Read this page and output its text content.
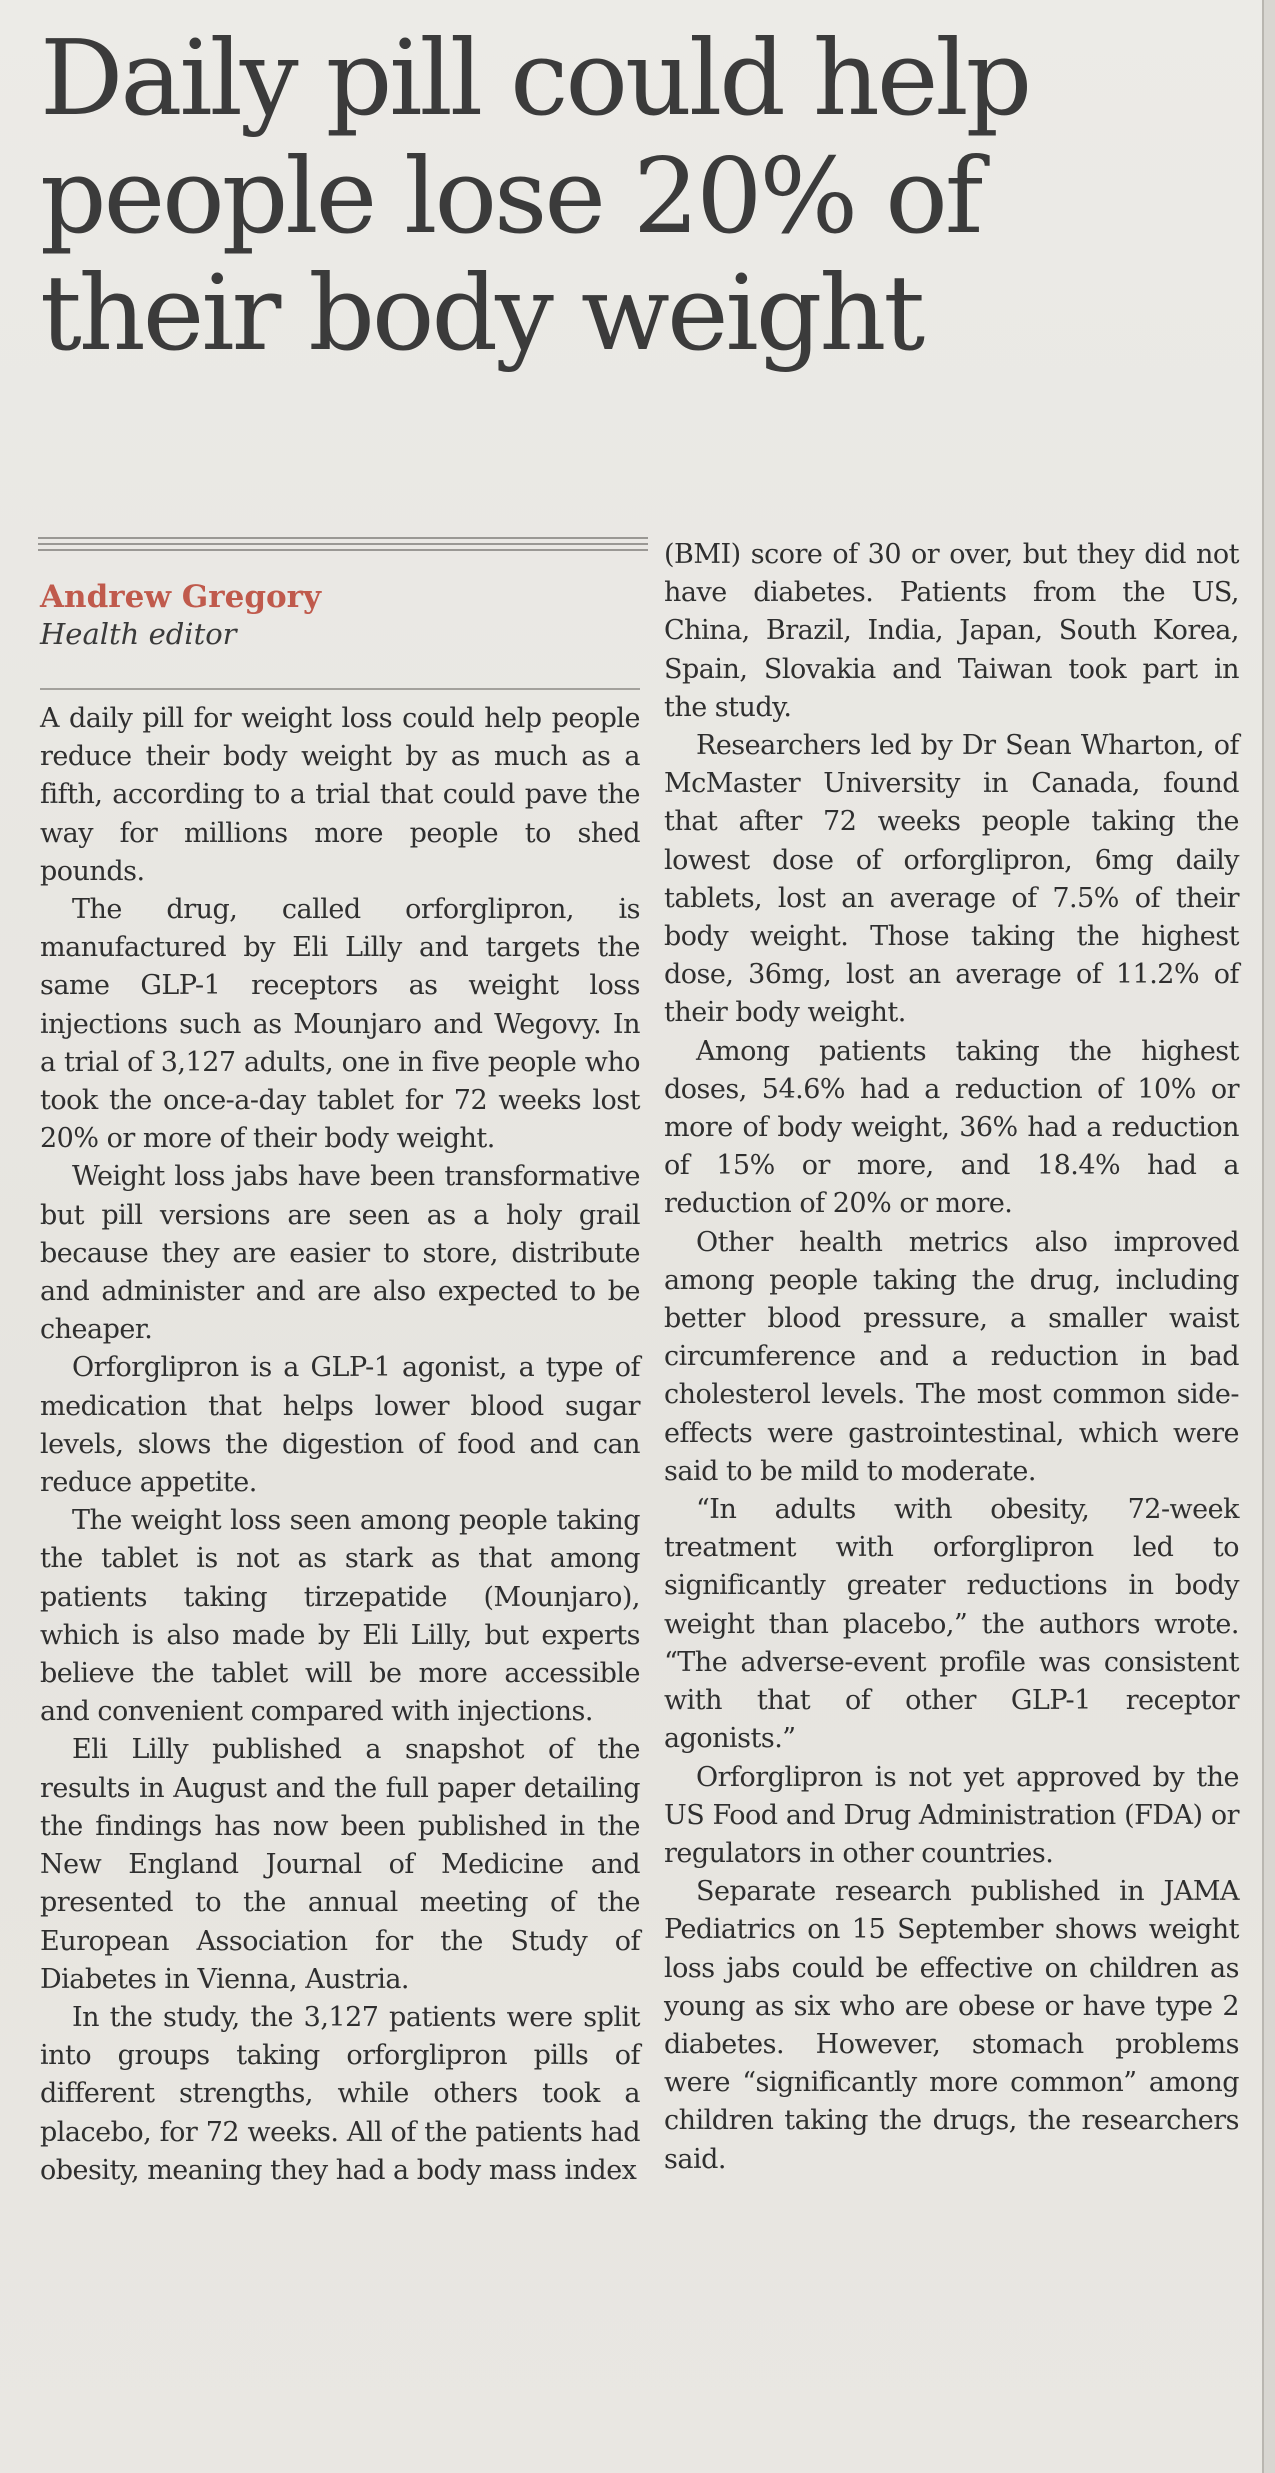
Daily pill could help people lose 20% of their body weight
Andrew Gregory
Health editor

A daily pill for weight loss could help people reduce their body weight by as much as a fifth, according to a trial that could pave the way for millions more people to shed pounds.

The drug, called orforglipron, is manufactured by Eli Lilly and targets the same GLP-1 receptors as weight loss injections such as Mounjaro and Wegovy. In a trial of 3,127 adults, one in five people who took the once-a-day tablet for 72 weeks lost 20% or more of their body weight.

Weight loss jabs have been transformative but pill versions are seen as a holy grail because they are easier to store, distribute and administer and are also expected to be cheaper.

Orforglipron is a GLP-1 agonist, a type of medication that helps lower blood sugar levels, slows the digestion of food and can reduce appetite.

The weight loss seen among people taking the tablet is not as stark as that among patients taking tirzepatide (Mounjaro), which is also made by Eli Lilly, but experts believe the tablet will be more accessible and convenient compared with injections.

Eli Lilly published a snapshot of the results in August and the full paper detailing the findings has now been published in the New England Journal of Medicine and presented to the annual meeting of the European Association for the Study of Diabetes in Vienna, Austria.

In the study, the 3,127 patients were split into groups taking orforglipron pills of different strengths, while others took a placebo, for 72 weeks. All of the patients had obesity, meaning they had a body mass index

(BMI) score of 30 or over, but they did not have diabetes. Patients from the US, China, Brazil, India, Japan, South Korea, Spain, Slovakia and Taiwan took part in the study.

Researchers led by Dr Sean Wharton, of McMaster University in Canada, found that after 72 weeks people taking the lowest dose of orforglipron, 6mg daily tablets, lost an average of 7.5% of their body weight. Those taking the highest dose, 36mg, lost an average of 11.2% of their body weight.

Among patients taking the highest doses, 54.6% had a reduction of 10% or more of body weight, 36% had a reduction of 15% or more, and 18.4% had a reduction of 20% or more.

Other health metrics also improved among people taking the drug, including better blood pressure, a smaller waist circumference and a reduction in bad cholesterol levels. The most common side-effects were gastrointestinal, which were said to be mild to moderate.

“In adults with obesity, 72-week treatment with orforglipron led to significantly greater reductions in body weight than placebo,” the authors wrote. “The adverse-event profile was consistent with that of other GLP-1 receptor agonists.”

Orforglipron is not yet approved by the US Food and Drug Administration (FDA) or regulators in other countries.

Separate research published in JAMA Pediatrics on 15 September shows weight loss jabs could be effective on children as young as six who are obese or have type 2 diabetes. However, stomach problems were “significantly more common” among children taking the drugs, the researchers said.
